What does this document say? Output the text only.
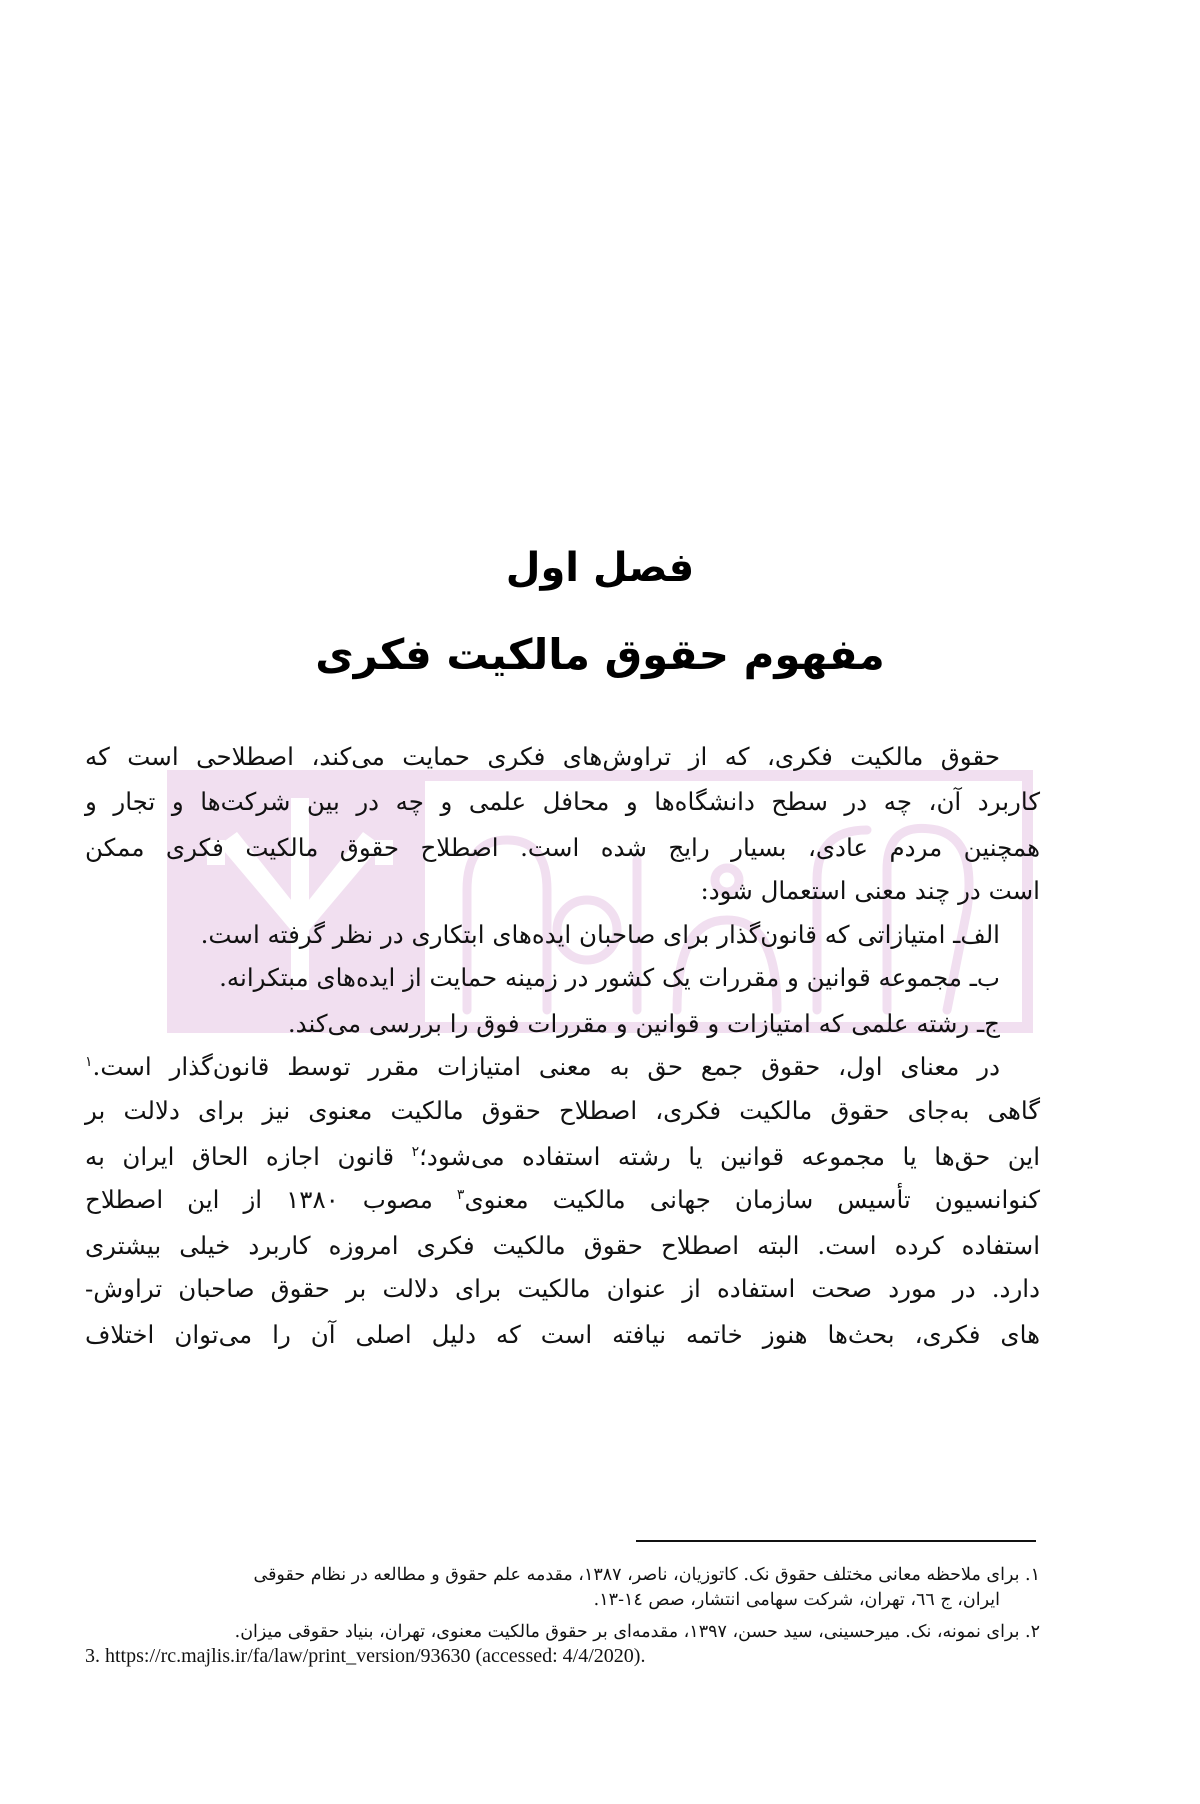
فصل اول
مفهوم حقوق مالکیت فکری
حقوق مالکیت فکری، که از تراوش‌های فکری حمایت می‌کند، اصطلاحی است که
کاربرد آن، چه در سطح دانشگاه‌ها و محافل علمی و چه در بین شرکت‌ها و تجار و
همچنین مردم عادی، بسیار رایج شده است. اصطلاح حقوق مالکیت فکری ممکن
است در چند معنی استعمال شود:
الف‌ـ امتیازاتی که قانون‌گذار برای صاحبان ایده‌های ابتکاری در نظر گرفته است.
ب‌ـ مجموعه قوانین و مقررات یک کشور در زمینه حمایت از ایده‌های مبتکرانه.
ج‌ـ رشته علمی که امتیازات و قوانین و مقررات فوق را بررسی می‌کند.
در معنای اول، حقوق جمع حق به معنی امتیازات مقرر توسط قانون‌گذار است.$^۱$
گاهی به‌جای حقوق مالکیت فکری، اصطلاح حقوق مالکیت معنوی نیز برای دلالت بر
این حق‌ها یا مجموعه قوانین یا رشته استفاده می‌شود؛$^۲$ قانون اجازه الحاق ایران به
کنوانسیون تأسیس سازمان جهانی مالکیت معنوی$^۳$ مصوب ۱۳۸۰ از این اصطلاح
استفاده کرده است. البته اصطلاح حقوق مالکیت فکری امروزه کاربرد خیلی بیشتری
دارد. در مورد صحت استفاده از عنوان مالکیت برای دلالت بر حقوق صاحبان تراوش-
های فکری، بحث‌ها هنوز خاتمه نیافته است که دلیل اصلی آن را می‌توان اختلاف
۱. برای ملاحظه معانی مختلف حقوق نک. کاتوزیان، ناصر، ۱۳۸۷، مقدمه علم حقوق و مطالعه در نظام حقوقی
ایران، ج ٦٦، تهران، شرکت سهامی انتشار، صص ١٤-١٣.
۲. برای نمونه، نک. میرحسینی، سید حسن، ۱۳۹۷، مقدمه‌ای بر حقوق مالکیت معنوی، تهران، بنیاد حقوقی میزان.
3. https://rc.majlis.ir/fa/law/print_version/93630 (accessed: 4/4/2020).
